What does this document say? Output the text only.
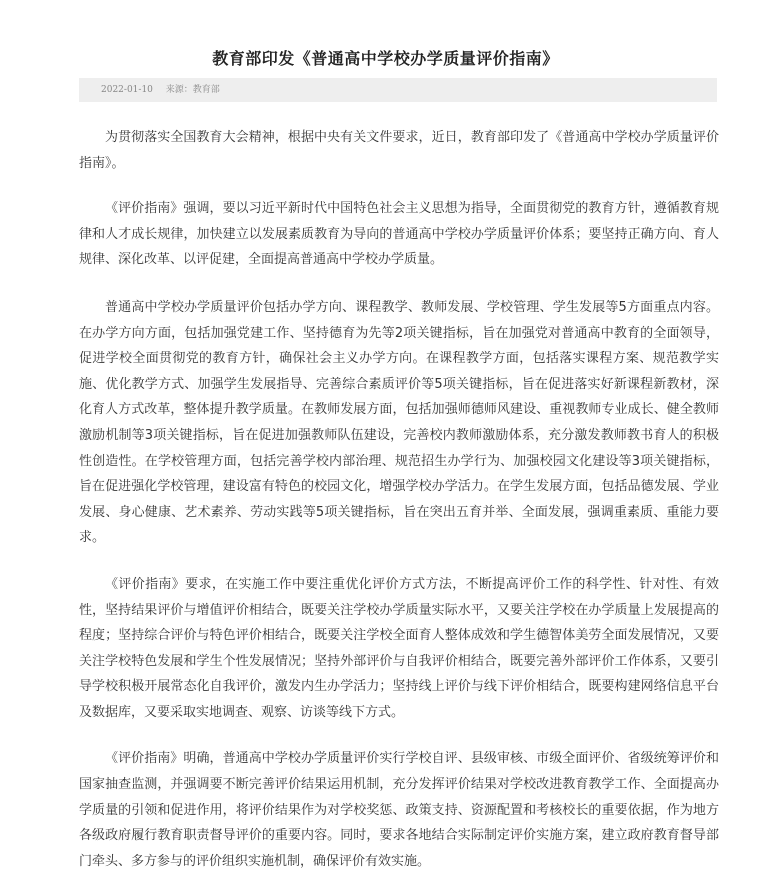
教育部印发《普通高中学校办学质量评价指南》
2022-01-10 来源：教育部

为贯彻落实全国教育大会精神，根据中央有关文件要求，近日，教育部印发了《普通高中学校办学质量评价指南》。

《评价指南》强调，要以习近平新时代中国特色社会主义思想为指导，全面贯彻党的教育方针，遵循教育规律和人才成长规律，加快建立以发展素质教育为导向的普通高中学校办学质量评价体系；要坚持正确方向、育人规律、深化改革、以评促建，全面提高普通高中学校办学质量。

普通高中学校办学质量评价包括办学方向、课程教学、教师发展、学校管理、学生发展等5方面重点内容。在办学方向方面，包括加强党建工作、坚持德育为先等2项关键指标，旨在加强党对普通高中教育的全面领导，促进学校全面贯彻党的教育方针，确保社会主义办学方向。在课程教学方面，包括落实课程方案、规范教学实施、优化教学方式、加强学生发展指导、完善综合素质评价等5项关键指标，旨在促进落实好新课程新教材，深化育人方式改革，整体提升教学质量。在教师发展方面，包括加强师德师风建设、重视教师专业成长、健全教师激励机制等3项关键指标，旨在促进加强教师队伍建设，完善校内教师激励体系，充分激发教师教书育人的积极性创造性。在学校管理方面，包括完善学校内部治理、规范招生办学行为、加强校园文化建设等3项关键指标，旨在促进强化学校管理，建设富有特色的校园文化，增强学校办学活力。在学生发展方面，包括品德发展、学业发展、身心健康、艺术素养、劳动实践等5项关键指标，旨在突出五育并举、全面发展，强调重素质、重能力要求。

《评价指南》要求，在实施工作中要注重优化评价方式方法，不断提高评价工作的科学性、针对性、有效性，坚持结果评价与增值评价相结合，既要关注学校办学质量实际水平，又要关注学校在办学质量上发展提高的程度；坚持综合评价与特色评价相结合，既要关注学校全面育人整体成效和学生德智体美劳全面发展情况，又要关注学校特色发展和学生个性发展情况；坚持外部评价与自我评价相结合，既要完善外部评价工作体系，又要引导学校积极开展常态化自我评价，激发内生办学活力；坚持线上评价与线下评价相结合，既要构建网络信息平台及数据库，又要采取实地调查、观察、访谈等线下方式。

《评价指南》明确，普通高中学校办学质量评价实行学校自评、县级审核、市级全面评价、省级统筹评价和国家抽查监测，并强调要不断完善评价结果运用机制，充分发挥评价结果对学校改进教育教学工作、全面提高办学质量的引领和促进作用，将评价结果作为对学校奖惩、政策支持、资源配置和考核校长的重要依据，作为地方各级政府履行教育职责督导评价的重要内容。同时，要求各地结合实际制定评价实施方案，建立政府教育督导部门牵头、多方参与的评价组织实施机制，确保评价有效实施。
